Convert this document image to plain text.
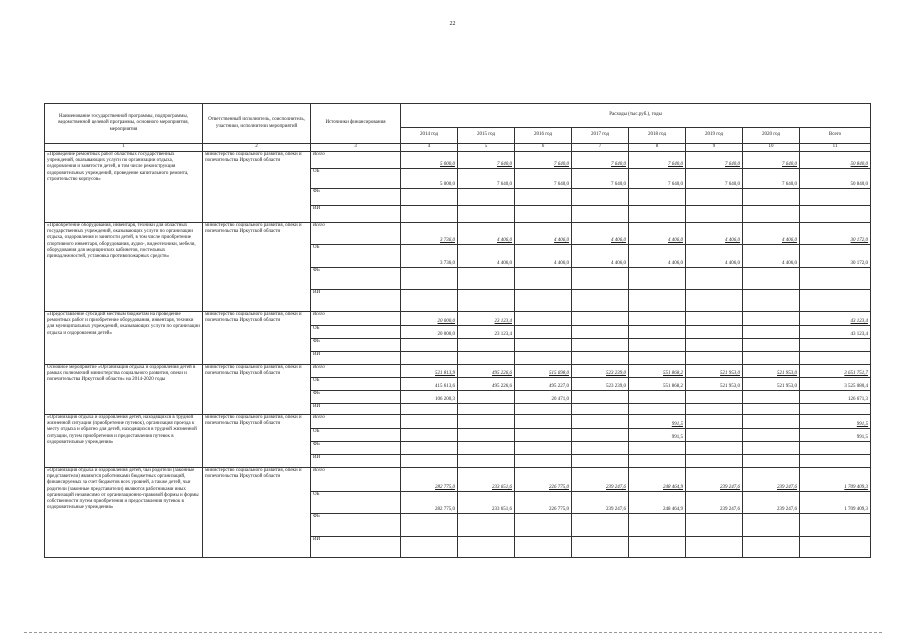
22
Наименование государственной программы, подпрограммы, ведомственной целевой программы, основного мероприятия, мероприятия	Ответственный исполнитель, соисполнитель, участники, исполнители мероприятий	Источники финансирования	Расходы (тыс.руб.), годы							
			2014 год	2015 год	2016 год	2017 год	2018 год	2019 год	2020 год	Всего
1	2	3	4	5	6	7	8	9	10	11
«Проведение ремонтных работ областных государственных учреждений, оказывающих услуги по организации отдыха, оздоровления и занятости детей, в том числе реконструкция оздоровительных учреждений, проведение капитального ремонта, строительство корпусов»	министерство социального развития, опеки и попечительства Иркутской области	Всего	5 000,0	7 640,0	7 640,0	7 640,0	7 640,0	7 640,0	7 640,0	50 840,0
		ОБ	5 000,0	7 640,0	7 640,0	7 640,0	7 640,0	7 640,0	7 640,0	50 840,0
		ФБ								
		ИИ								
«Приобретение оборудования, инвентаря, техники для областных государственных учреждений, оказывающих услуги по организации отдыха, оздоровления и занятости детей, в том числе приобретение спортивного инвентаря, оборудования, аудио-, видеотехники, мебели, оборудования для медицинских кабинетов, постельных принадлежностей, установка противопожарных средств»	министерство социального развития, опеки и попечительства Иркутской области	Всего	3 736,0	4 406,0	4 406,0	4 406,0	4 406,0	4 406,0	4 406,0	30 172,0
		ОБ	3 736,0	4 406,0	4 406,0	4 406,0	4 406,0	4 406,0	4 406,0	30 172,0
		ФБ								
		ИИ								
«Предоставление субсидий местным бюджетам на проведение ремонтных работ и приобретение оборудования, инвентаря, техники для муниципальных учреждений, оказывающих услуги по организации отдыха и оздоровления детей»	министерство социального развития, опеки и попечительства Иркутской области	Всего	20 000,0	23 123,4						43 123,4
		ОБ	20 000,0	23 123,4						43 123,4
		ФБ								
		ИИ								
Основное мероприятие «Организация отдыха и оздоровления детей в рамках полномочий министерства социального развития, опеки и попечительства Иркутской области» на 2014-2020 годы	министерство социального развития, опеки и попечительства Иркутской области	Всего	521 813,9	495 226,6	515 698,0	523 239,0	551 868,2	521 953,0	521 953,0	3 651 751,7
		ОБ	415 613,6	495 226,6	495 227,0	523 239,0	551 868,2	521 953,0	521 953,0	3 525 080,4
		ФБ	106 200,3		20 471,0					126 671,3
		ИИ								
«Организация отдыха и оздоровления детей, находящихся в трудной жизненной ситуации (приобретение путевок), организация проезда к месту отдыха и обратно для детей, находящихся в трудной жизненной ситуации, путем приобретения и предоставления путевок в оздоровительные учреждения»	министерство социального развития, опеки и попечительства Иркутской области	Всего					991,5			991,5
		ОБ					991,5			991,5
		ФБ								
		ИИ								
«Организация отдыха и оздоровления детей, чьи родители (законные представители) являются работниками бюджетных организаций, финансируемых за счет бюджетов всех уровней, а также детей, чьи родители (законные представители) являются работниками иных организаций независимо от организационно-правовой формы и формы собственности путем приобретения и предоставления путевок в оздоровительные учреждения»	министерство социального развития, опеки и попечительства Иркутской области	Всего	282 775,0	233 651,6	226 775,0	239 247,6	248 464,9	239 247,6	239 247,6	1 709 409,3
		ОБ	282 775,0	233 651,6	226 775,0	239 247,6	248 464,9	239 247,6	239 247,6	1 709 409,3
		ФБ								
		ИИ								
